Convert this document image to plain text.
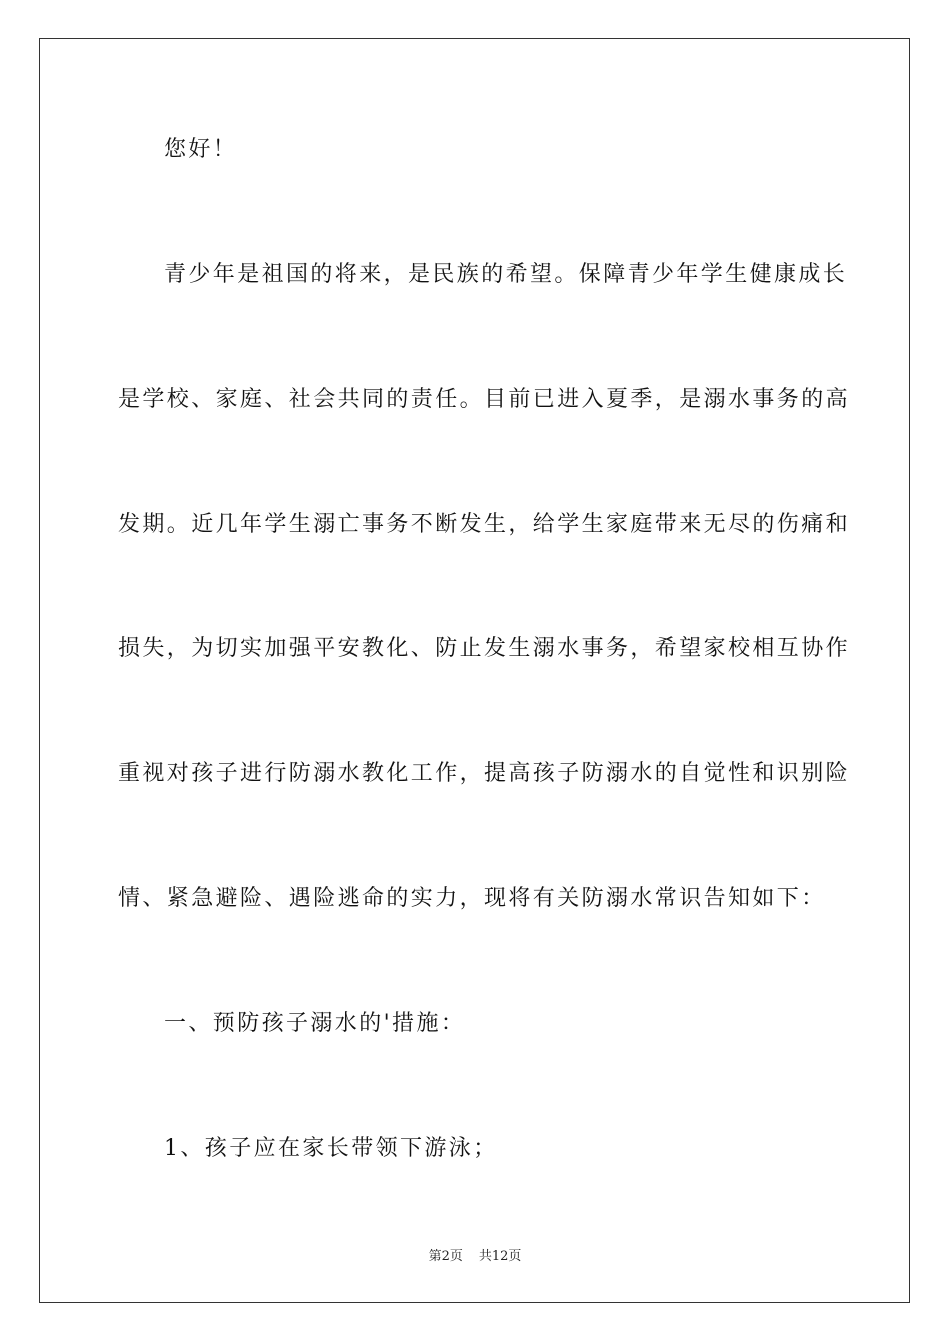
您好！
青少年是祖国的将来，是民族的希望。保障青少年学生健康成长
是学校、家庭、社会共同的责任。目前已进入夏季，是溺水事务的高
发期。近几年学生溺亡事务不断发生，给学生家庭带来无尽的伤痛和
损失，为切实加强平安教化、防止发生溺水事务，希望家校相互协作
重视对孩子进行防溺水教化工作，提高孩子防溺水的自觉性和识别险
情、紧急避险、遇险逃命的实力，现将有关防溺水常识告知如下：
一、预防孩子溺水的'措施：
1、孩子应在家长带领下游泳；
第2页 共12页
